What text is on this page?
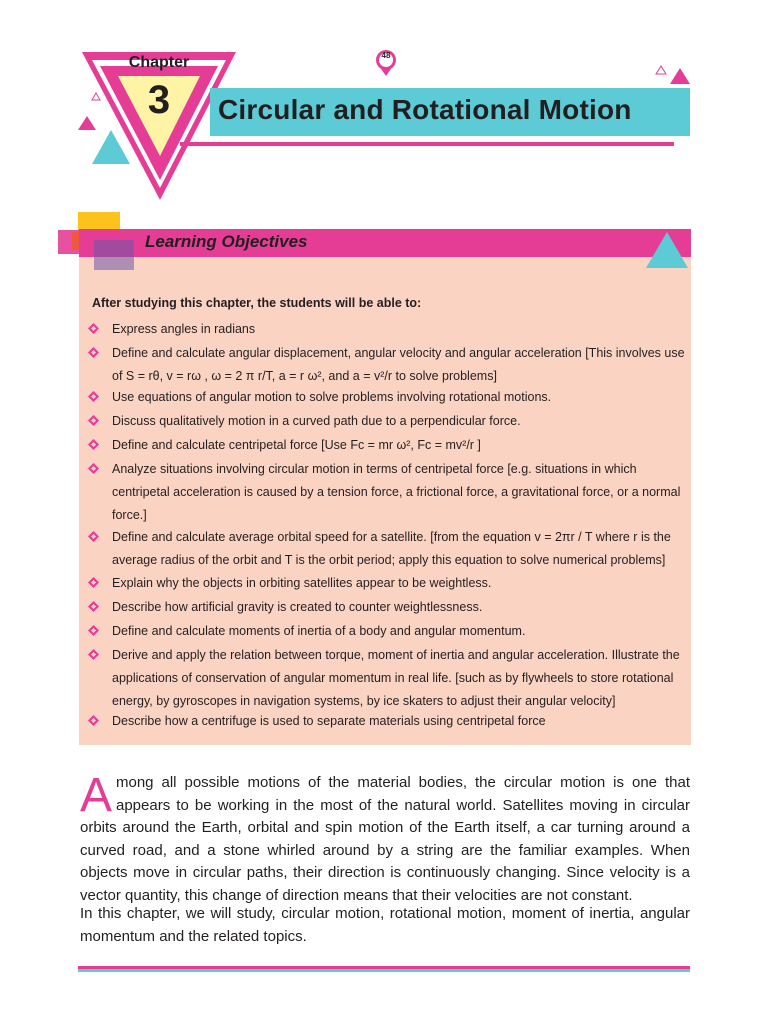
Circular and Rotational Motion
Chapter
3
48
Learning Objectives
After studying this chapter, the students will be able to:
Express angles in radians
Define and calculate angular displacement, angular velocity and angular acceleration [This involves use of S = rθ, v = rω , ω = 2 π r/T, a = r ω², and a = v²/r to solve problems]
Use equations of angular motion to solve problems involving rotational motions.
Discuss qualitatively motion in a curved path due to a perpendicular force.
Define and calculate centripetal force [Use Fc = mr ω², Fc = mv²/r ]
Analyze situations involving circular motion in terms of centripetal force [e.g. situations in which centripetal acceleration is caused by a tension force, a frictional force, a gravitational force, or a normal force.]
Define and calculate average orbital speed for a satellite. [from the equation v = 2πr / T where r is the average radius of the orbit and T is the orbit period; apply this equation to solve numerical problems]
Explain why the objects in orbiting satellites appear to be weightless.
Describe how artificial gravity is created to counter weightlessness.
Define and calculate moments of inertia of a body and angular momentum.
Derive and apply the relation between torque, moment of inertia and angular acceleration. Illustrate the applications of conservation of angular momentum in real life. [such as by flywheels to store rotational energy, by gyroscopes in navigation systems, by ice skaters to adjust their angular velocity]
Describe how a centrifuge is used to separate materials using centripetal force
A mong all possible motions of the material bodies, the circular motion is one that appears to be working in the most of the natural world. Satellites moving in circular orbits around the Earth, orbital and spin motion of the Earth itself, a car turning around a curved road, and a stone whirled around by a string are the familiar examples. When objects move in circular paths, their direction is continuously changing. Since velocity is a vector quantity, this change of direction means that their velocities are not constant.
In this chapter, we will study, circular motion, rotational motion, moment of inertia, angular momentum and the related topics.
